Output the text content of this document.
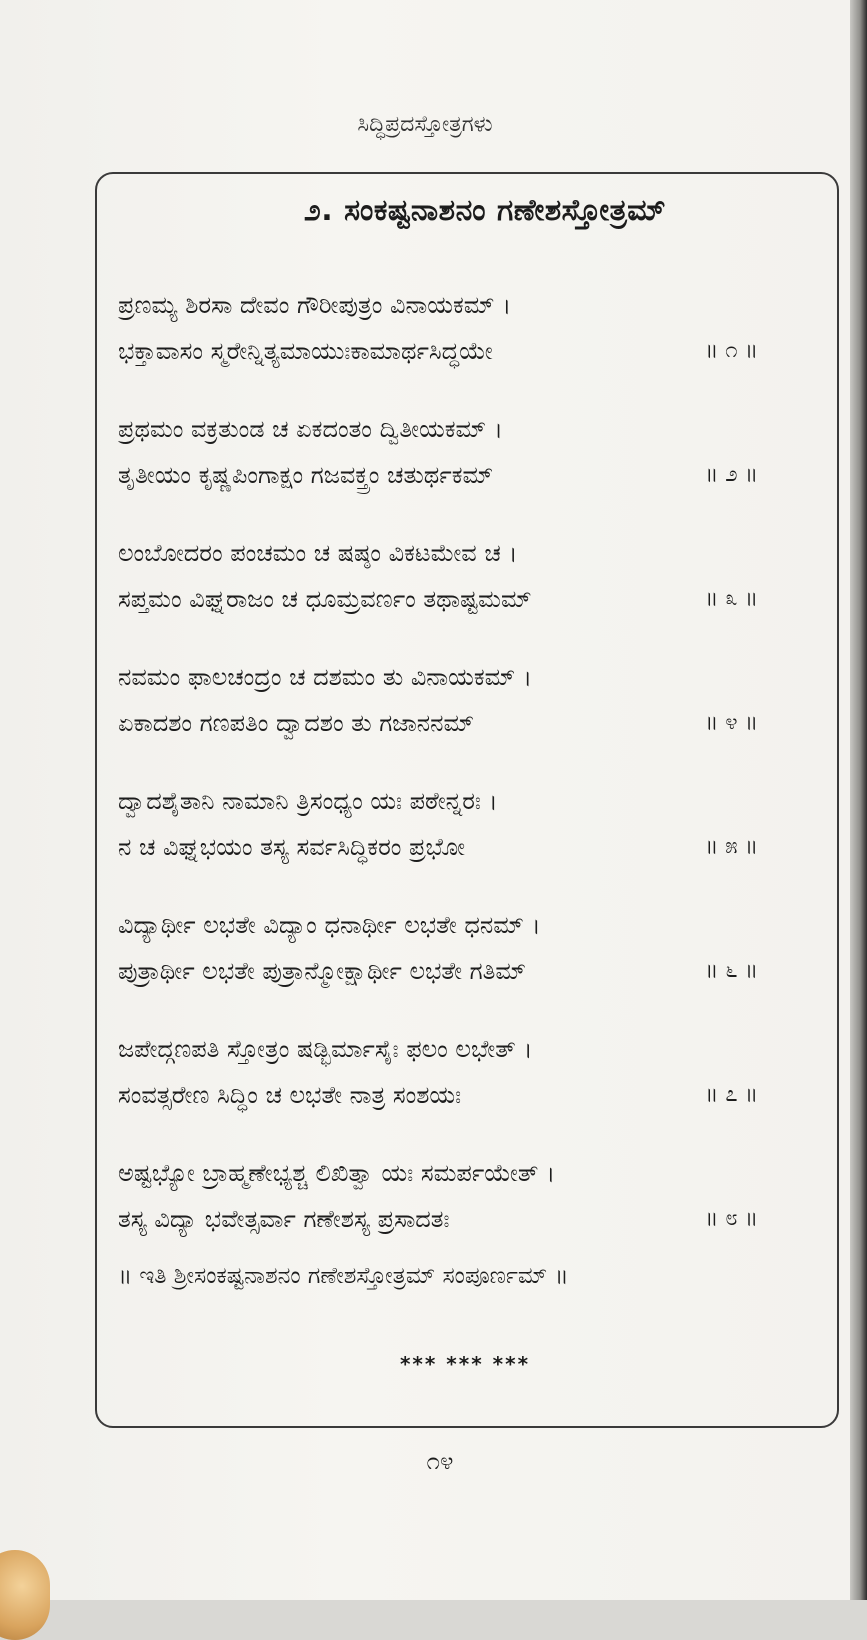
ಸಿದ್ಧಿಪ್ರದಸ್ತೋತ್ರಗಳು
೨. ಸಂಕಷ್ಟನಾಶನಂ ಗಣೇಶಸ್ತೋತ್ರಮ್
ಪ್ರಣಮ್ಯ ಶಿರಸಾ ದೇವಂ ಗೌರೀಪುತ್ರಂ ವಿನಾಯಕಮ್ ।
ಭಕ್ತಾವಾಸಂ ಸ್ಮರೇನ್ನಿತ್ಯಮಾಯುಃಕಾಮಾರ್ಥಸಿದ್ಧಯೇ	॥ ೧ ॥
ಪ್ರಥಮಂ ವಕ್ರತುಂಡ ಚ ಏಕದಂತಂ ದ್ವಿತೀಯಕಮ್ ।
ತೃತೀಯಂ ಕೃಷ್ಣಪಿಂಗಾಕ್ಷಂ ಗಜವಕ್ತ್ರಂ ಚತುರ್ಥಕಮ್	॥ ೨ ॥
ಲಂಬೋದರಂ ಪಂಚಮಂ ಚ ಷಷ್ಠಂ ವಿಕಟಮೇವ ಚ ।
ಸಪ್ತಮಂ ವಿಘ್ನರಾಜಂ ಚ ಧೂಮ್ರವರ್ಣಂ ತಥಾಷ್ಟಮಮ್	॥ ೩ ॥
ನವಮಂ ಫಾಲಚಂದ್ರಂ ಚ ದಶಮಂ ತು ವಿನಾಯಕಮ್ ।
ಏಕಾದಶಂ ಗಣಪತಿಂ ದ್ವಾದಶಂ ತು ಗಜಾನನಮ್	॥ ೪ ॥
ದ್ವಾದಶೈತಾನಿ ನಾಮಾನಿ ತ್ರಿಸಂಧ್ಯಂ ಯಃ ಪಠೇನ್ನರಃ ।
ನ ಚ ವಿಘ್ನಭಯಂ ತಸ್ಯ ಸರ್ವಸಿದ್ಧಿಕರಂ ಪ್ರಭೋ	॥ ೫ ॥
ವಿದ್ಯಾರ್ಥೀ ಲಭತೇ ವಿದ್ಯಾಂ ಧನಾರ್ಥೀ ಲಭತೇ ಧನಮ್ ।
ಪುತ್ರಾರ್ಥೀ ಲಭತೇ ಪುತ್ರಾನ್ಮೋಕ್ಷಾರ್ಥೀ ಲಭತೇ ಗತಿಮ್	॥ ೬ ॥
ಜಪೇದ್ಗಣಪತಿ ಸ್ತೋತ್ರಂ ಷಡ್ಭಿರ್ಮಾಸೈಃ ಫಲಂ ಲಭೇತ್ ।
ಸಂವತ್ಸರೇಣ ಸಿದ್ಧಿಂ ಚ ಲಭತೇ ನಾತ್ರ ಸಂಶಯಃ	॥ ೭ ॥
ಅಷ್ಟಭ್ಯೋ ಬ್ರಾಹ್ಮಣೇಭ್ಯಶ್ಚ ಲಿಖಿತ್ವಾ ಯಃ ಸಮರ್ಪಯೇತ್ ।
ತಸ್ಯ ವಿದ್ಯಾ ಭವೇತ್ಸರ್ವಾ ಗಣೇಶಸ್ಯ ಪ್ರಸಾದತಃ	॥ ೮ ॥
॥ ಇತಿ ಶ್ರೀಸಂಕಷ್ಟನಾಶನಂ ಗಣೇಶಸ್ತೋತ್ರಮ್ ಸಂಪೂರ್ಣಮ್ ॥
*** *** ***
೧೪
